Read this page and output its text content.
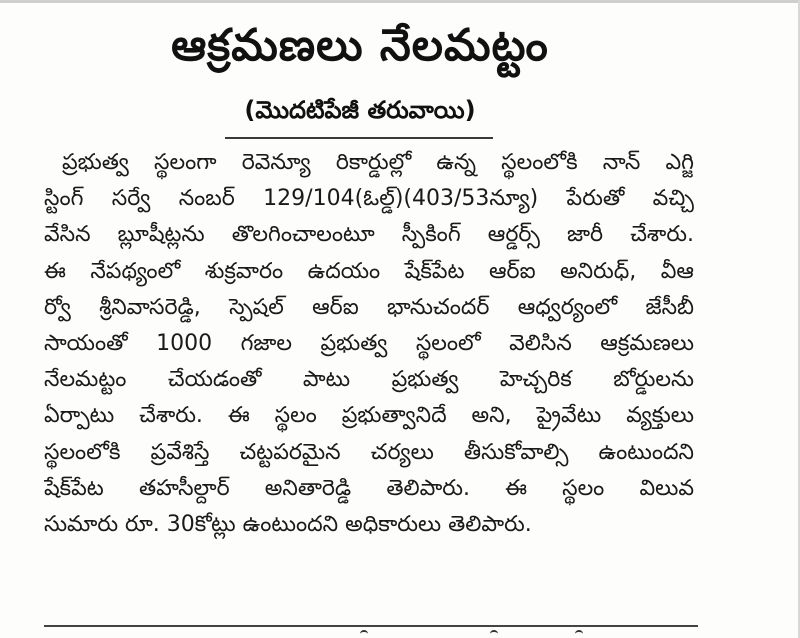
ఆక్రమణలు నేలమట్టం
(మొదటిపేజీ తరువాయి)
ప్రభుత్వ స్థలంగా రెవెన్యూ రికార్డుల్లో ఉన్న స్థలంలోకి నాన్ ఎగ్జి
స్టింగ్ సర్వే నంబర్ 129/104(ఓల్డ్)(403/53న్యూ) పేరుతో వచ్చి
వేసిన బ్లూషీట్లను తొలగించాలంటూ స్పీకింగ్ ఆర్డర్స్ జారీ చేశారు.
ఈ నేపథ్యంలో శుక్రవారం ఉదయం షేక్‌పేట ఆర్ఐ అనిరుధ్, వీఆ
ర్వో శ్రీనివాసరెడ్డి, స్పెషల్ ఆర్ఐ భానుచందర్ ఆధ్వర్యంలో జేసీబీ
సాయంతో 1000 గజాల ప్రభుత్వ స్థలంలో వెలిసిన ఆక్రమణలు
నేలమట్టం చేయడంతో పాటు ప్రభుత్వ హెచ్చరిక బోర్డులను
ఏర్పాటు చేశారు. ఈ స్థలం ప్రభుత్వానిదే అని, ప్రైవేటు వ్యక్తులు
స్థలంలోకి ప్రవేశిస్తే చట్టపరమైన చర్యలు తీసుకోవాల్సి ఉంటుందని
షేక్‌పేట తహసీల్దార్ అనితారెడ్డి తెలిపారు. ఈ స్థలం విలువ
సుమారు రూ. 30కోట్లు ఉంటుందని అధికారులు తెలిపారు.
